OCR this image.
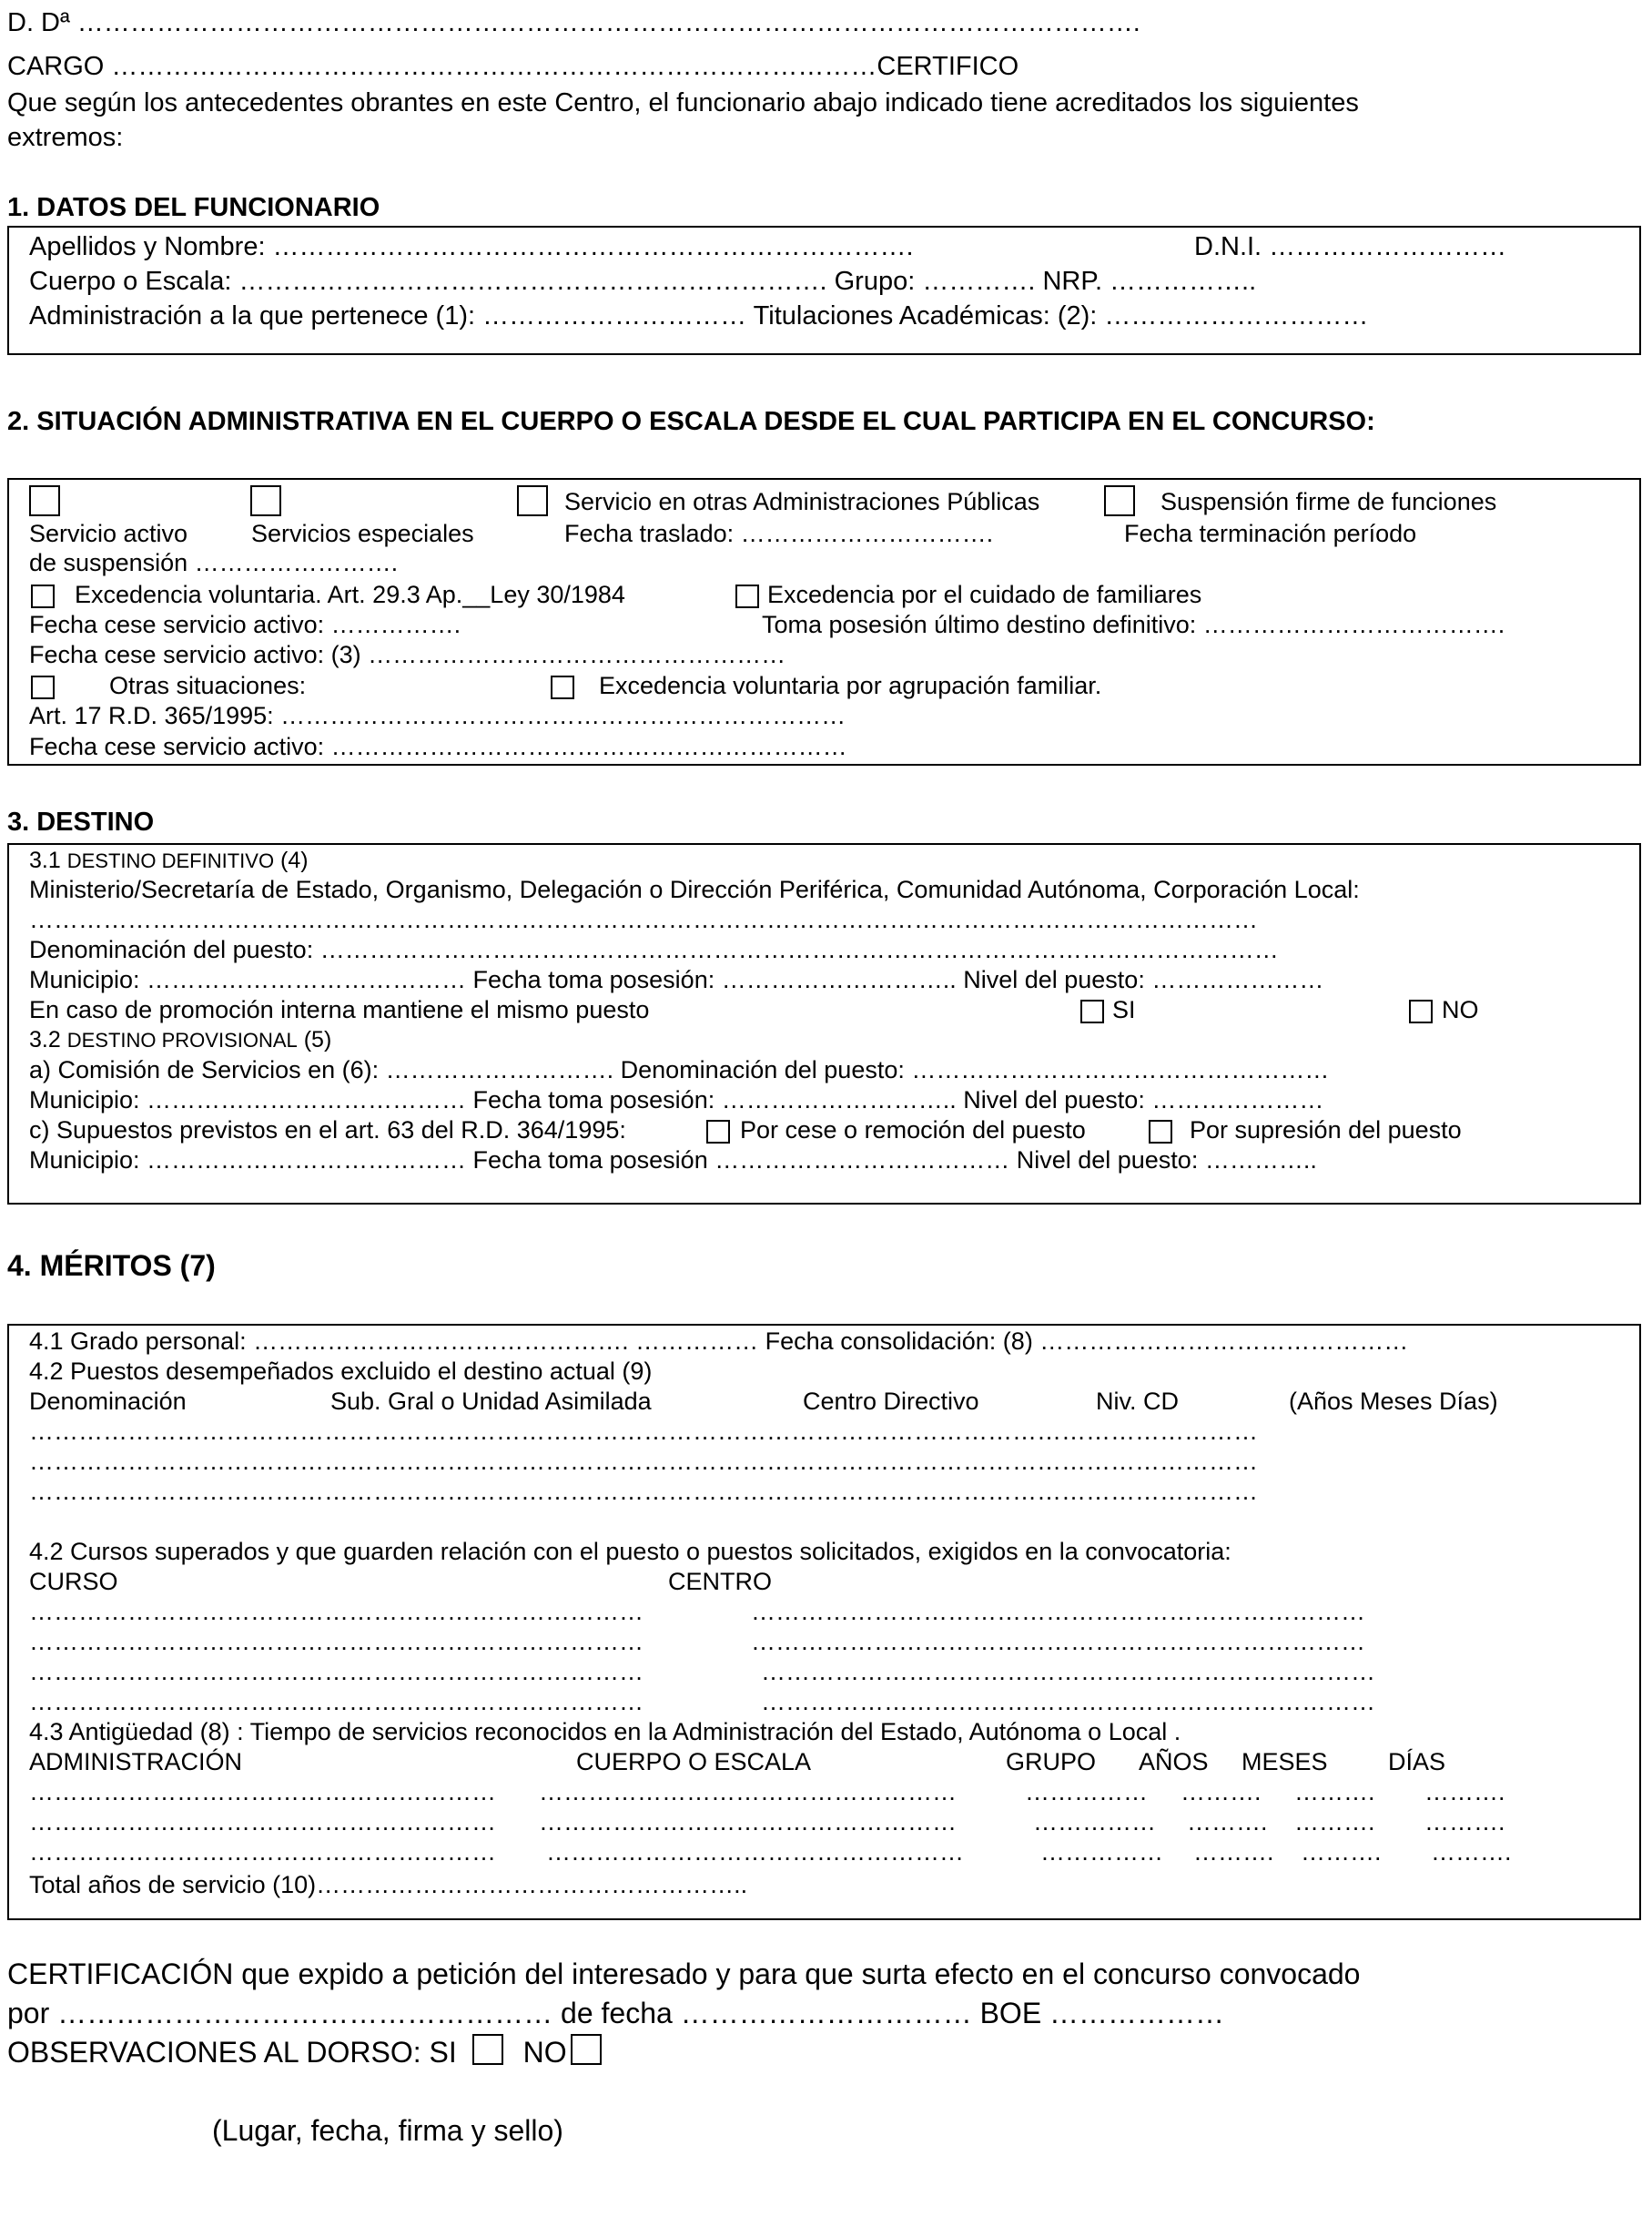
D. Dª ………………………………………………………………………………………………………….
CARGO ……………………………………………………………………………CERTIFICO
Que según los antecedentes obrantes en este Centro, el funcionario abajo indicado tiene acreditados los siguientes
extremos:
1. DATOS DEL FUNCIONARIO
Apellidos y Nombre: ……………………………………………………………….	D.N.I. ………………………
Cuerpo o Escala: …………………………………………………………. Grupo: …………. NRP. ……………..
Administración a la que pertenece (1): ………………………… Titulaciones Académicas: (2): …………………………
2. SITUACIÓN ADMINISTRATIVA EN EL CUERPO O ESCALA DESDE EL CUAL PARTICIPA EN EL CONCURSO:
Servicio en otras Administraciones Públicas	Suspensión firme de funciones
Servicio activo	Servicios especiales	Fecha traslado: ………………………….	Fecha terminación período
de suspensión …………………….
Excedencia voluntaria. Art. 29.3 Ap.__Ley 30/1984	Excedencia por el cuidado de familiares
Fecha cese servicio activo: …………….	Toma posesión último destino definitivo: ……………………………….
Fecha cese servicio activo: (3) ……………………………………………
Otras situaciones:	Excedencia voluntaria por agrupación familiar.
Art. 17 R.D. 365/1995: ……………………………………………………………
Fecha cese servicio activo: ………………………………………………………
3. DESTINO
3.1 DESTINO DEFINITIVO (4)
Ministerio/Secretaría de Estado, Organismo, Delegación o Dirección Periférica, Comunidad Autónoma, Corporación Local:
……………………………………………………………………………………………………………………………………
Denominación del puesto: ………………………………………………………………………………………………………
Municipio: ………………………………… Fecha toma posesión: ……………………….. Nivel del puesto: …………………
En caso de promoción interna mantiene el mismo puesto	SI	NO
3.2 DESTINO PROVISIONAL (5)
a) Comisión de Servicios en (6): ………………………. Denominación del puesto: ……………………………………………
Municipio: ………………………………… Fecha toma posesión: ……………………….. Nivel del puesto: …………………
c) Supuestos previstos en el art. 63 del R.D. 364/1995:	Por cese o remoción del puesto	Por supresión del puesto
Municipio: ………………………………… Fecha toma posesión ……………………………… Nivel del puesto: …………..
4. MÉRITOS (7)
4.1 Grado personal: ………………………………………. …………… Fecha consolidación: (8) ………………………………………
4.2 Puestos desempeñados excluido el destino actual (9)
Denominación	Sub. Gral o Unidad Asimilada	Centro Directivo	Niv. CD	(Años Meses Días)
……………………………………………………………………………………………………………………………………
……………………………………………………………………………………………………………………………………
……………………………………………………………………………………………………………………………………
4.2 Cursos superados y que guarden relación con el puesto o puestos solicitados, exigidos en la convocatoria:
CURSO	CENTRO
…………………………………………………………………	…………………………………………………………………
…………………………………………………………………	…………………………………………………………………
…………………………………………………………………	…………………………………………………………………
…………………………………………………………………	…………………………………………………………………
4.3 Antigüedad (8) : Tiempo de servicios reconocidos en la Administración del Estado, Autónoma o Local .
ADMINISTRACIÓN	CUERPO O ESCALA	GRUPO AÑOS MESES DÍAS
………………………………………………… ……………………………………………	…………… ………. ………. ……….
………………………………………………… ……………………………………………	…………… ………. ………. ……….
………………………………………………… ……………………………………………	…………… ………. ………. ……….
Total años de servicio (10)……………………………………………..
CERTIFICACIÓN que expido a petición del interesado y para que surta efecto en el concurso convocado
por …………………………………………… de fecha ………………………… BOE ………………
OBSERVACIONES AL DORSO: SI NO
(Lugar, fecha, firma y sello)
